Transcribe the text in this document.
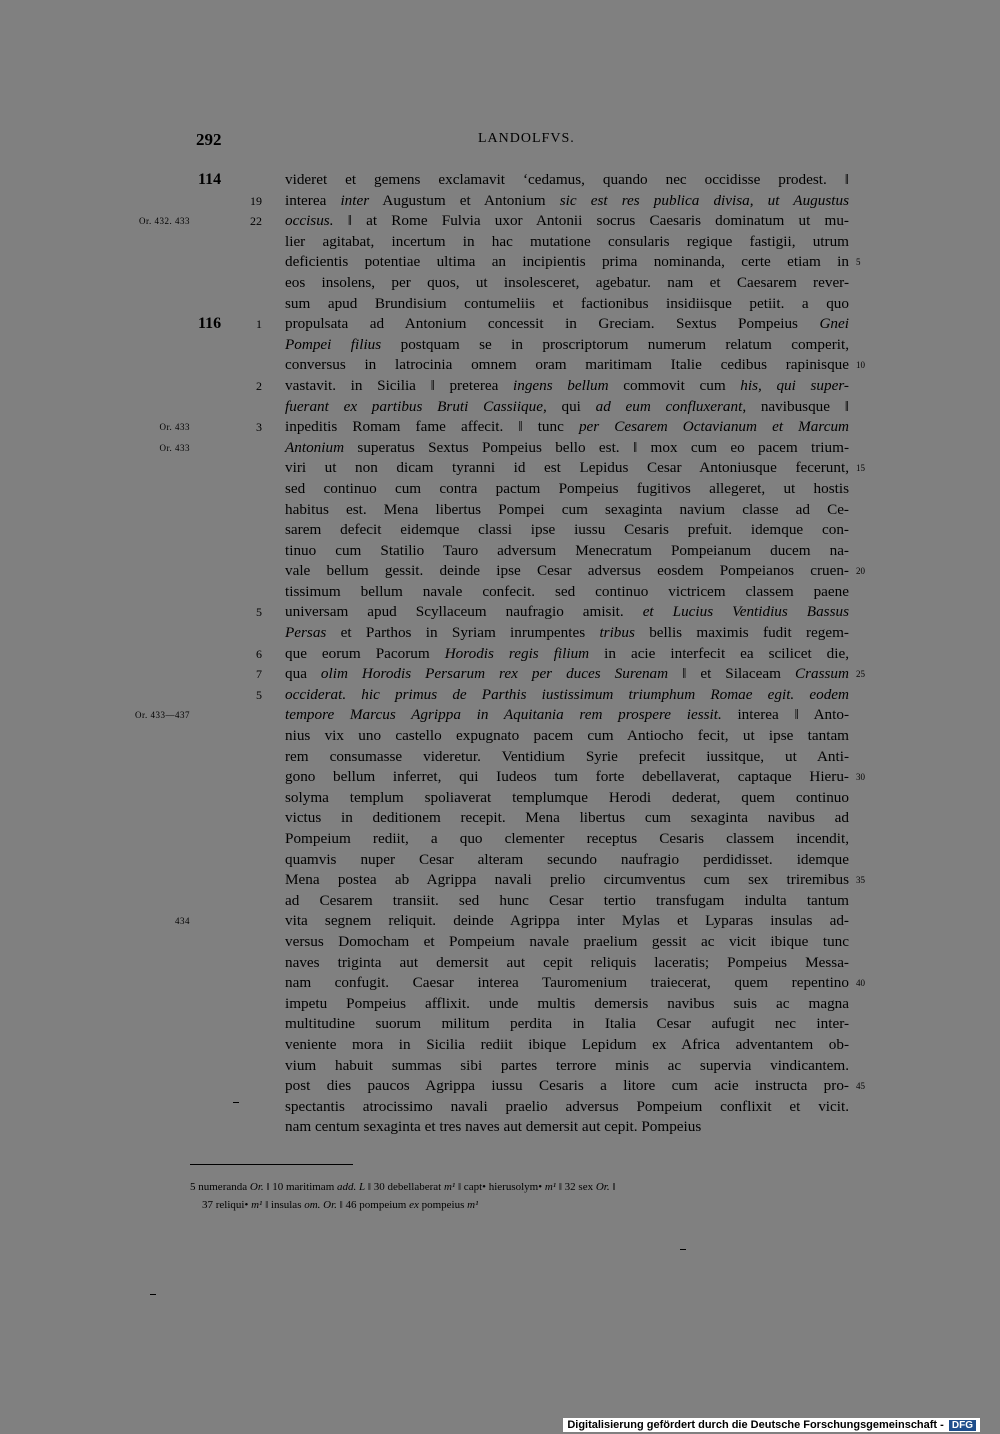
292	LANDOLFVS.
114	videret et gemens exclamavit ‘cedamus, quando nec occidisse prodest. ‖
19 interea inter Augustum et Antonium sic est res publica divisa, ut Augustus
Or. 432. 433	22 occisus. ‖ at Rome Fulvia uxor Antonii socrus Caesaris dominatum ut mu-
lier agitabat, incertum in hac mutatione consularis regique fastigii, utrum
deficientis potentiae ultima an incipientis prima nominanda, certe etiam in 5
eos insolens, per quos, ut insolesceret, agebatur. nam et Caesarem rever-
sum apud Brundisium contumeliis et factionibus insidiisque petiit. a quo
116	1 propulsata ad Antonium concessit in Greciam. Sextus Pompeius Gnei
Pompei filius postquam se in proscriptorum numerum relatum comperit,
conversus in latrocinia omnem oram maritimam Italie cedibus rapinisque 10
2 vastavit. in Sicilia ‖ preterea ingens bellum commovit cum his, qui super-
fuerant ex partibus Bruti Cassiique, qui ad eum confluxerant, navibusque ‖
Or. 433	3 inpeditis Romam fame affecit. ‖ tunc per Cesarem Octavianum et Marcum
Or. 433	Antonium superatus Sextus Pompeius bello est. ‖ mox cum eo pacem trium-
viri ut non dicam tyranni id est Lepidus Cesar Antoniusque fecerunt, 15
sed continuo cum contra pactum Pompeius fugitivos allegeret, ut hostis
habitus est. Mena libertus Pompei cum sexaginta navium classe ad Ce-
sarem defecit eidemque classi ipse iussu Cesaris prefuit. idemque con-
tinuo cum Statilio Tauro adversum Menecratum Pompeianum ducem na-
vale bellum gessit. deinde ipse Cesar adversus eosdem Pompeianos cruen- 20
tissimum bellum navale confecit. sed continuo victricem classem paene
5 universam apud Scyllaceum naufragio amisit. et Lucius Ventidius Bassus
Persas et Parthos in Syriam inrumpentes tribus bellis maximis fudit regem-
6 que eorum Pacorum Horodis regis filium in acie interfecit ea scilicet die,
7 qua olim Horodis Persarum rex per duces Surenam ‖ et Silaceam Crassum 25
5 occiderat. hic primus de Parthis iustissimum triumphum Romae egit. eodem
Or. 433—437	tempore Marcus Agrippa in Aquitania rem prospere iessit. interea ‖ Anto-
nius vix uno castello expugnato pacem cum Antiocho fecit, ut ipse tantam
rem consumasse videretur. Ventidium Syrie prefecit iussitque, ut Anti-
gono bellum inferret, qui Iudeos tum forte debellaverat, captaque Hieru- 30
solyma templum spoliaverat templumque Herodi dederat, quem continuo
victus in deditionem recepit. Mena libertus cum sexaginta navibus ad
Pompeium rediit, a quo clementer receptus Cesaris classem incendit,
quamvis nuper Cesar alteram secundo naufragio perdidisset. idemque
Mena postea ab Agrippa navali prelio circumventus cum sex triremibus 35
ad Cesarem transiit. sed hunc Cesar tertio transfugam indulta tantum
434	vita segnem reliquit. deinde Agrippa inter Mylas et Lyparas insulas ad-
versus Domocham et Pompeium navale praelium gessit ac vicit ibique tunc
naves triginta aut demersit aut cepit reliquis laceratis; Pompeius Messa-
nam confugit. Caesar interea Tauromenium traiecerat, quem repentino 40
impetu Pompeius afflixit. unde multis demersis navibus suis ac magna
multitudine suorum militum perdita in Italia Cesar aufugit nec inter-
veniente mora in Sicilia rediit ibique Lepidum ex Africa adventantem ob-
vium habuit summas sibi partes terrore minis ac supervia vindicantem.
post dies paucos Agrippa iussu Cesaris a litore cum acie instructa pro- 45
spectantis atrocissimo navali praelio adversus Pompeium conflixit et vicit.
nam centum sexaginta et tres naves aut demersit aut cepit. Pompeius
5 numeranda Or. ‖ 10 maritimam add. L ‖ 30 debellaberat m¹ ‖ capt• hierusolym• m¹ ‖ 32 sex Or. ‖
37 reliqui• m¹ ‖ insulas om. Or. ‖ 46 pompeium ex pompeius m¹
Digitalisierung gefördert durch die Deutsche Forschungsgemeinschaft - DFG
